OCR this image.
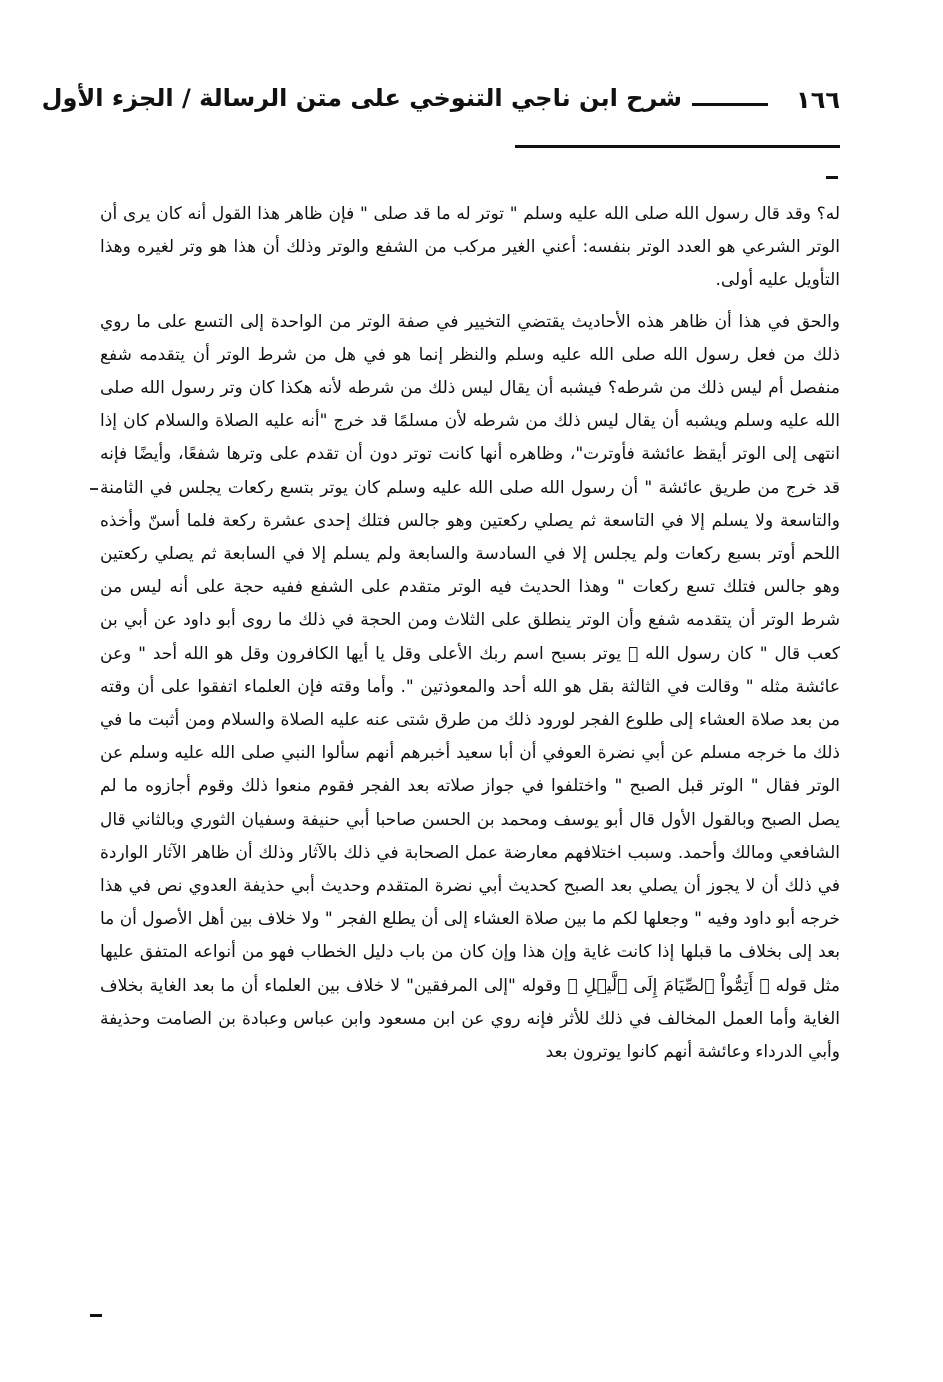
١٦٦
شرح ابن ناجي التنوخي على متن الرسالة / الجزء الأول

له؟ وقد قال رسول الله صلى الله عليه وسلم " توتر له ما قد صلى " فإن ظاهر هذا القول أنه كان يرى أن الوتر الشرعي هو العدد الوتر بنفسه: أعني الغير مركب من الشفع والوتر وذلك أن هذا هو وتر لغيره وهذا التأويل عليه أولى.

والحق في هذا أن ظاهر هذه الأحاديث يقتضي التخيير في صفة الوتر من الواحدة إلى التسع على ما روي ذلك من فعل رسول الله صلى الله عليه وسلم والنظر إنما هو في هل من شرط الوتر أن يتقدمه شفع منفصل أم ليس ذلك من شرطه؟ فيشبه أن يقال ليس ذلك من شرطه لأنه هكذا كان وتر رسول الله صلى الله عليه وسلم ويشبه أن يقال ليس ذلك من شرطه لأن مسلمًا قد خرج "أنه عليه الصلاة والسلام كان إذا انتهى إلى الوتر أيقظ عائشة فأوترت"، وظاهره أنها كانت توتر دون أن تقدم على وترها شفعًا، وأيضًا فإنه قد خرج من طريق عائشة " أن رسول الله صلى الله عليه وسلم كان يوتر بتسع ركعات يجلس في الثامنة والتاسعة ولا يسلم إلا في التاسعة ثم يصلي ركعتين وهو جالس فتلك إحدى عشرة ركعة فلما أسنّ وأخذه اللحم أوتر بسبع ركعات ولم يجلس إلا في السادسة والسابعة ولم يسلم إلا في السابعة ثم يصلي ركعتين وهو جالس فتلك تسع ركعات " وهذا الحديث فيه الوتر متقدم على الشفع ففيه حجة على أنه ليس من شرط الوتر أن يتقدمه شفع وأن الوتر ينطلق على الثلاث ومن الحجة في ذلك ما روى أبو داود عن أبي بن كعب قال " كان رسول الله ﷺ يوتر بسبح اسم ربك الأعلى وقل يا أيها الكافرون وقل هو الله أحد " وعن عائشة مثله " وقالت في الثالثة بقل هو الله أحد والمعوذتين ". وأما وقته فإن العلماء اتفقوا على أن وقته من بعد صلاة العشاء إلى طلوع الفجر لورود ذلك من طرق شتى عنه عليه الصلاة والسلام ومن أثبت ما في ذلك ما خرجه مسلم عن أبي نضرة العوفي أن أبا سعيد أخبرهم أنهم سألوا النبي صلى الله عليه وسلم عن الوتر فقال " الوتر قبل الصبح " واختلفوا في جواز صلاته بعد الفجر فقوم منعوا ذلك وقوم أجازوه ما لم يصل الصبح وبالقول الأول قال أبو يوسف ومحمد بن الحسن صاحبا أبي حنيفة وسفيان الثوري وبالثاني قال الشافعي ومالك وأحمد. وسبب اختلافهم معارضة عمل الصحابة في ذلك بالآثار وذلك أن ظاهر الآثار الواردة في ذلك أن لا يجوز أن يصلي بعد الصبح كحديث أبي نضرة المتقدم وحديث أبي حذيفة العدوي نص في هذا خرجه أبو داود وفيه " وجعلها لكم ما بين صلاة العشاء إلى أن يطلع الفجر " ولا خلاف بين أهل الأصول أن ما بعد إلى بخلاف ما قبلها إذا كانت غاية وإن هذا وإن كان من باب دليل الخطاب فهو من أنواعه المتفق عليها مثل قوله ﴿ أَتِمُّواْ ٱلصِّيَامَ إِلَى ٱلَّيۡلِ ﴾ وقوله "إلى المرفقين" لا خلاف بين العلماء أن ما بعد الغاية بخلاف الغاية وأما العمل المخالف في ذلك للأثر فإنه روي عن ابن مسعود وابن عباس وعبادة بن الصامت وحذيفة وأبي الدرداء وعائشة أنهم كانوا يوترون بعد
